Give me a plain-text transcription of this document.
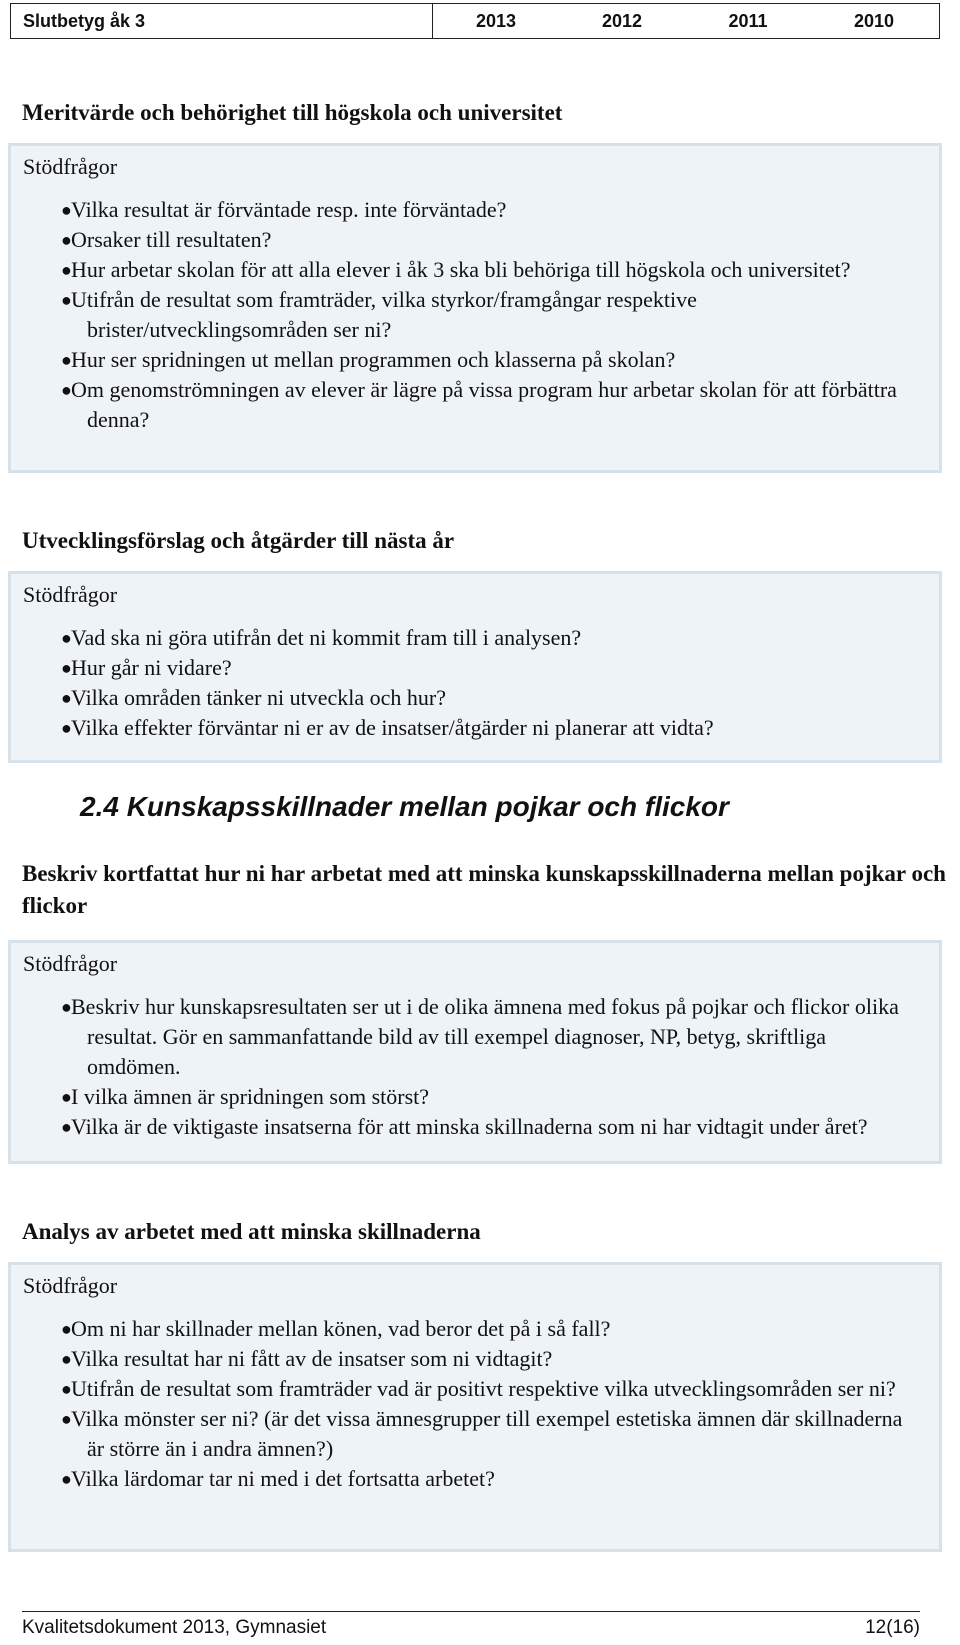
Slutbetyg åk 3	2013	2012	2011	2010
Meritvärde och behörighet till högskola och universitet
Stödfrågor
● Vilka resultat är förväntade resp. inte förväntade?
● Orsaker till resultaten?
● Hur arbetar skolan för att alla elever i åk 3 ska bli behöriga till högskola och universitet?
● Utifrån de resultat som framträder, vilka styrkor/framgångar respektive brister/utvecklingsområden ser ni?
● Hur ser spridningen ut mellan programmen och klasserna på skolan?
● Om genomströmningen av elever är lägre på vissa program hur arbetar skolan för att förbättra denna?
Utvecklingsförslag och åtgärder till nästa år
Stödfrågor
● Vad ska ni göra utifrån det ni kommit fram till i analysen?
● Hur går ni vidare?
● Vilka områden tänker ni utveckla och hur?
● Vilka effekter förväntar ni er av de insatser/åtgärder ni planerar att vidta?
2.4 Kunskapsskillnader mellan pojkar och flickor
Beskriv kortfattat hur ni har arbetat med att minska kunskapsskillnaderna mellan pojkar och flickor
Stödfrågor
● Beskriv hur kunskapsresultaten ser ut i de olika ämnena med fokus på pojkar och flickor olika resultat. Gör en sammanfattande bild av till exempel diagnoser, NP, betyg, skriftliga omdömen.
● I vilka ämnen är spridningen som störst?
● Vilka är de viktigaste insatserna för att minska skillnaderna som ni har vidtagit under året?
Analys av arbetet med att minska skillnaderna
Stödfrågor
● Om ni har skillnader mellan könen, vad beror det på i så fall?
● Vilka resultat har ni fått av de insatser som ni vidtagit?
● Utifrån de resultat som framträder vad är positivt respektive vilka utvecklingsområden ser ni?
● Vilka mönster ser ni? (är det vissa ämnesgrupper till exempel estetiska ämnen där skillnaderna är större än i andra ämnen?)
● Vilka lärdomar tar ni med i det fortsatta arbetet?
Kvalitetsdokument 2013, Gymnasiet	12(16)
